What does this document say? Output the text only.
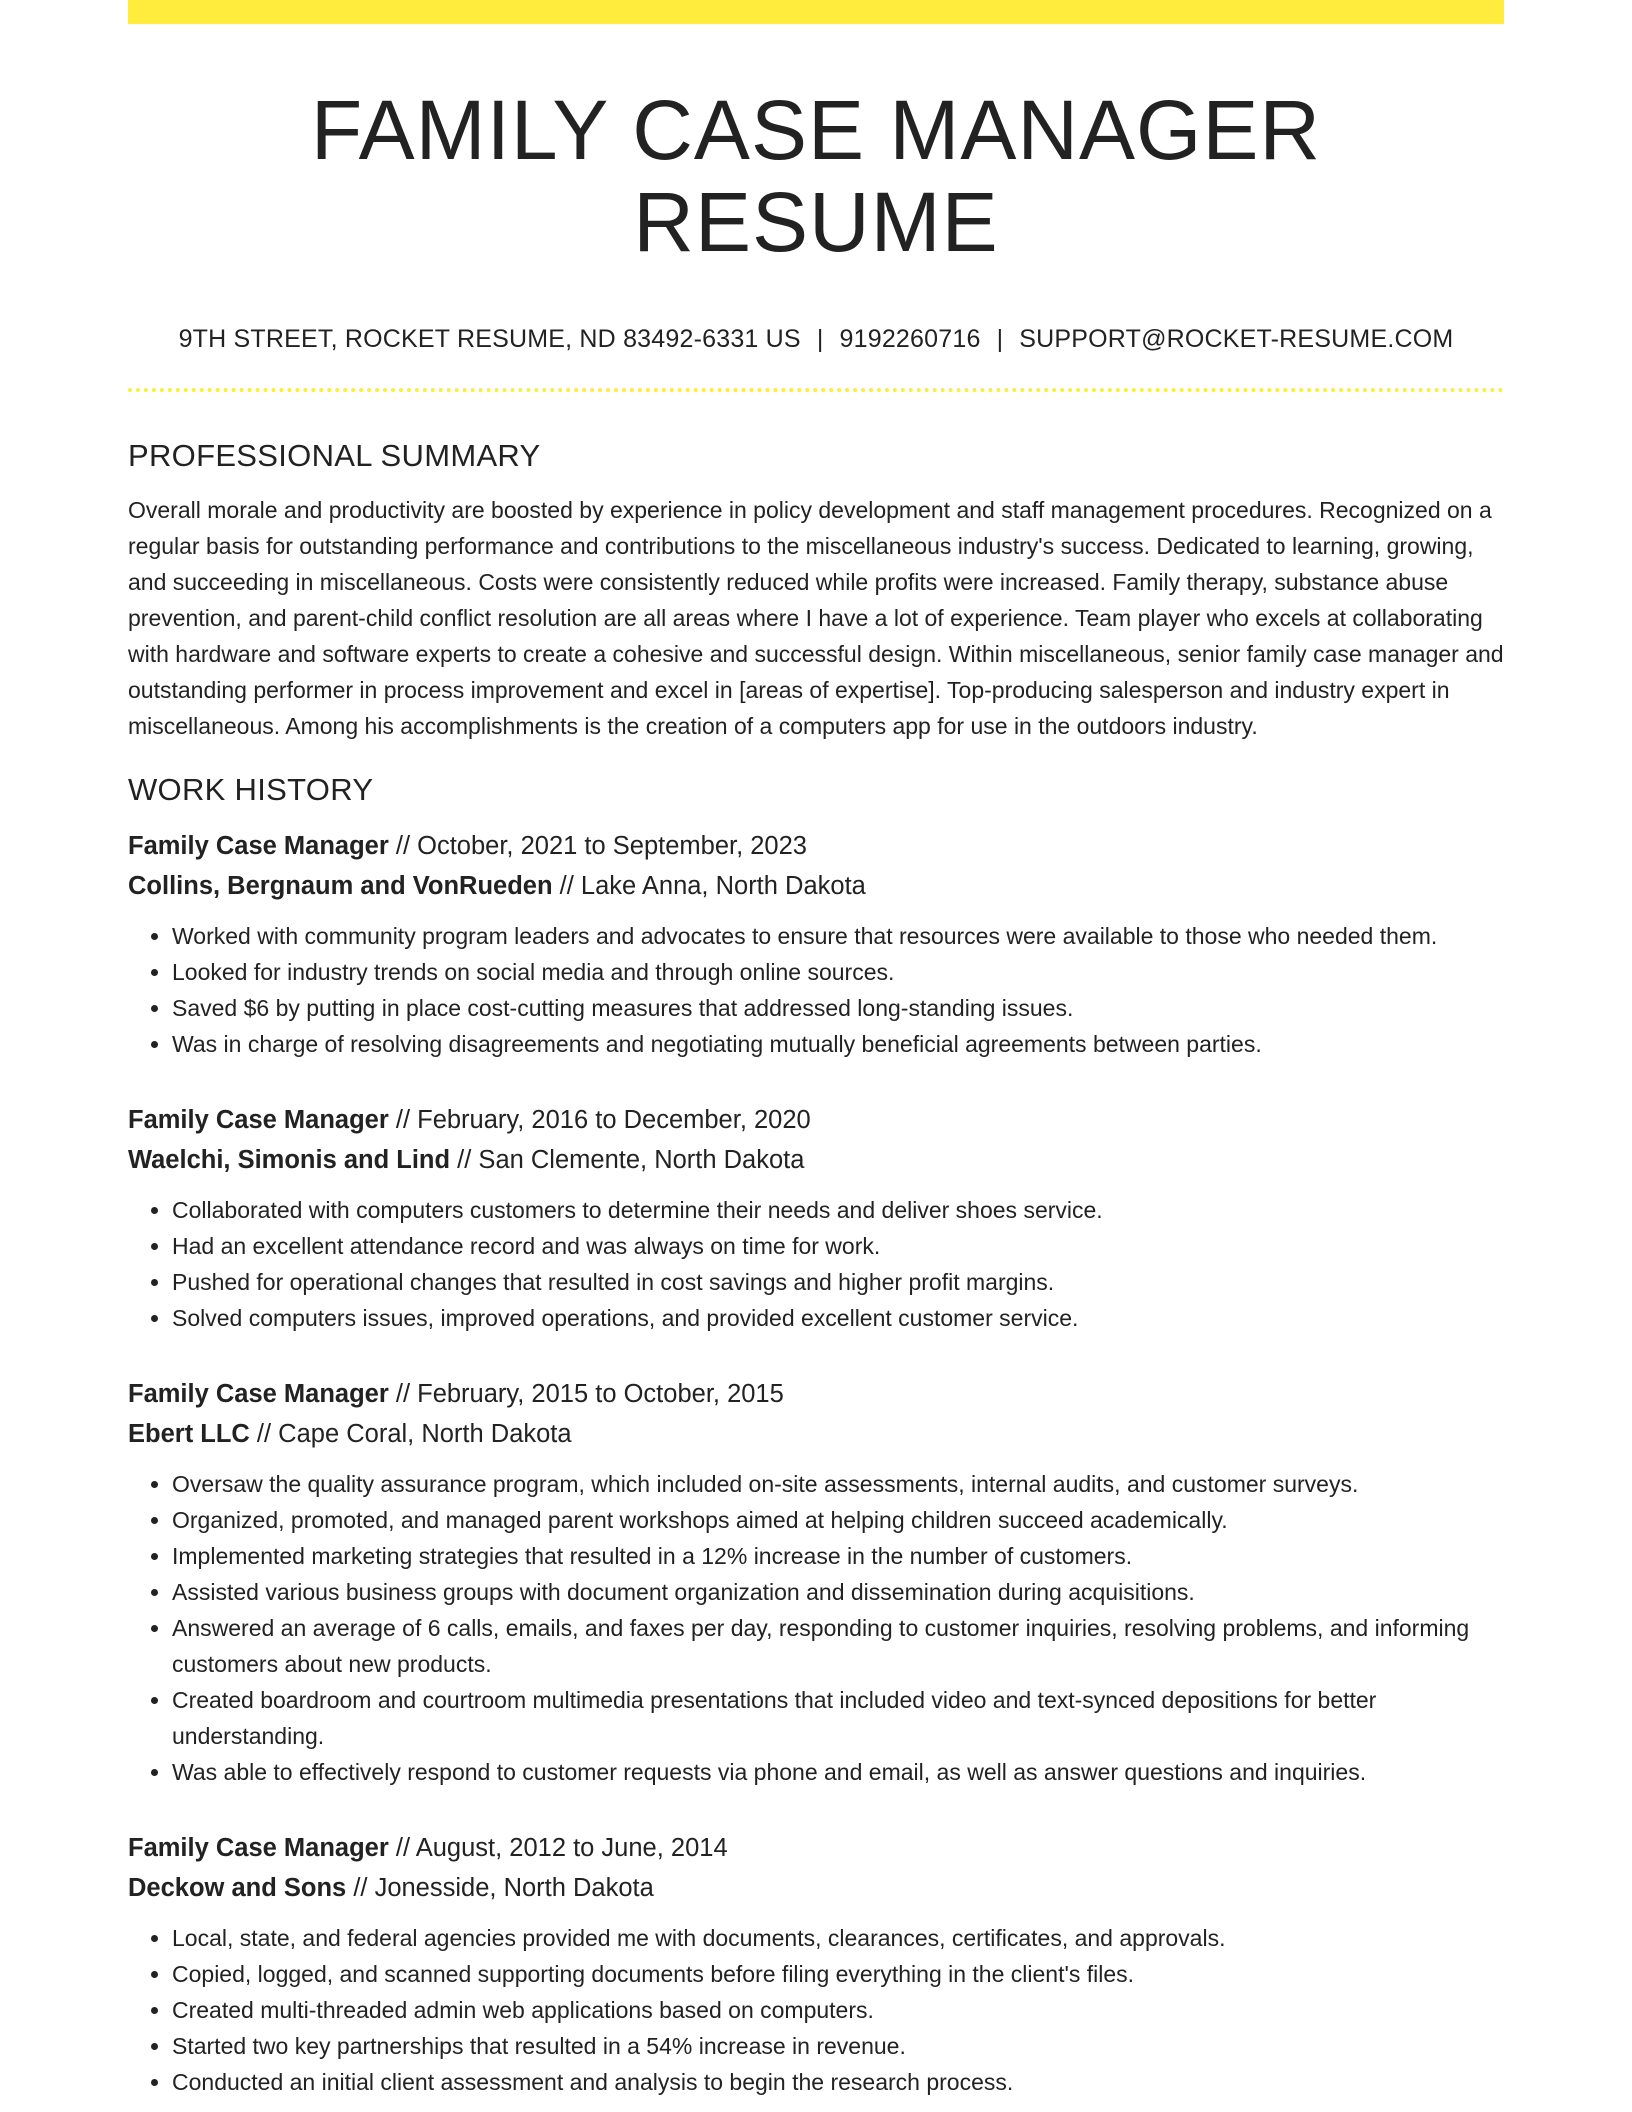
FAMILY CASE MANAGER RESUME
9TH STREET, ROCKET RESUME, ND 83492-6331 US | 9192260716 | SUPPORT@ROCKET-RESUME.COM
PROFESSIONAL SUMMARY

Overall morale and productivity are boosted by experience in policy development and staff management procedures. Recognized on a regular basis for outstanding performance and contributions to the miscellaneous industry's success. Dedicated to learning, growing, and succeeding in miscellaneous. Costs were consistently reduced while profits were increased. Family therapy, substance abuse prevention, and parent-child conflict resolution are all areas where I have a lot of experience. Team player who excels at collaborating with hardware and software experts to create a cohesive and successful design. Within miscellaneous, senior family case manager and outstanding performer in process improvement and excel in [areas of expertise]. Top-producing salesperson and industry expert in miscellaneous. Among his accomplishments is the creation of a computers app for use in the outdoors industry.

WORK HISTORY
Family Case Manager // October, 2021 to September, 2023
Collins, Bergnaum and VonRueden // Lake Anna, North Dakota
• Worked with community program leaders and advocates to ensure that resources were available to those who needed them.
• Looked for industry trends on social media and through online sources.
• Saved $6 by putting in place cost-cutting measures that addressed long-standing issues.
• Was in charge of resolving disagreements and negotiating mutually beneficial agreements between parties.
Family Case Manager // February, 2016 to December, 2020
Waelchi, Simonis and Lind // San Clemente, North Dakota
• Collaborated with computers customers to determine their needs and deliver shoes service.
• Had an excellent attendance record and was always on time for work.
• Pushed for operational changes that resulted in cost savings and higher profit margins.
• Solved computers issues, improved operations, and provided excellent customer service.
Family Case Manager // February, 2015 to October, 2015
Ebert LLC // Cape Coral, North Dakota
• Oversaw the quality assurance program, which included on-site assessments, internal audits, and customer surveys.
• Organized, promoted, and managed parent workshops aimed at helping children succeed academically.
• Implemented marketing strategies that resulted in a 12% increase in the number of customers.
• Assisted various business groups with document organization and dissemination during acquisitions.
• Answered an average of 6 calls, emails, and faxes per day, responding to customer inquiries, resolving problems, and informing customers about new products.
• Created boardroom and courtroom multimedia presentations that included video and text-synced depositions for better understanding.
• Was able to effectively respond to customer requests via phone and email, as well as answer questions and inquiries.
Family Case Manager // August, 2012 to June, 2014
Deckow and Sons // Jonesside, North Dakota
• Local, state, and federal agencies provided me with documents, clearances, certificates, and approvals.
• Copied, logged, and scanned supporting documents before filing everything in the client's files.
• Created multi-threaded admin web applications based on computers.
• Started two key partnerships that resulted in a 54% increase in revenue.
• Conducted an initial client assessment and analysis to begin the research process.
